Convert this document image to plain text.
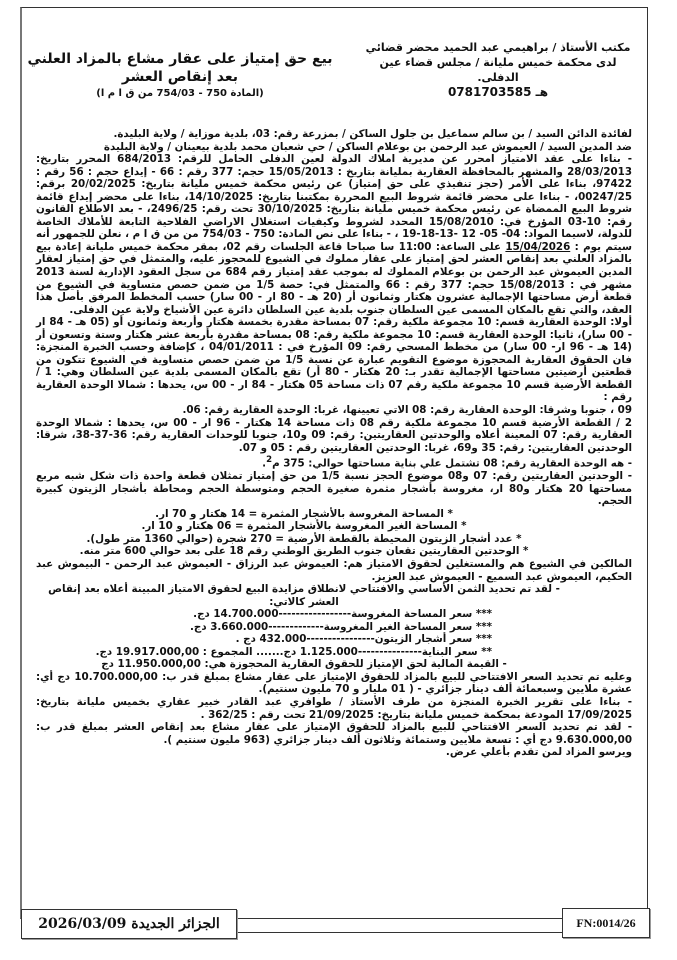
مكتب الأستاذ / براهيمي عبد الحميد محضر قضائي
لدى محكمة خميس مليانة / مجلس قضاء عين
الدفلى.
هـ 0781703585
بيع حق إمتياز على عقار مشاع بالمزاد العلني
بعد إنقاص العشر
(المادة 750 - 754/03 من ق ا م ا)

لفائدة الدائن السيد / بن سالم سماعيل بن جلول الساكن / بمزرعة رقم: 03، بلدية موزاية / ولاية البليدة.

ضد المدين السيد / العيموش عبد الرحمن بن بوعلام الساكن / حي شعبان محمد بلدية بيعينان / ولاية البليدة

- بناءا على عقد الامتياز امحرر عن مديرية املاك الدولة لعين الدفلى الحامل للرقم: 684/2013 المحرر بتاريخ: 28/03/2013 والمشهر بالمحافظة العقارية بمليانة بتاريخ : 15/05/2013 حجم: 377 رقم : 66 - إيداع حجم : 56 رقم : 97422، بناءا على الأمر (حجز تنفيذي على حق إمتياز) عن رئيس محكمة خميس مليانة بتاريخ: 20/02/2025 برقم: 00247/25، - بناءا على محضر قائمة شروط البيع المحررة بمكتبنا بتاريخ: 14/10/2025، بناءا على محضر إيداع قائمة شروط البيع الممضاة عن رئيس محكمة خميس مليانة بتاريخ: 30/10/2025 تحت رقم: 2496/25، - بعد الاطلاع القانون رقم: 10-03 المؤرخ في: 15/08/2010 المحدد لشروط وكيفيات استغلال الاراضي الفلاحية التابعة للأملاك الخاصة للدولة، لاسيما المواد: 04- 05- 12 -13-18-19 ، - بناءا على نص المادة: 750 - 754/03 من من ق ا م ، نعلن للجمهور أنه سيتم يوم : 15/04/2026 على الساعة: 11:00 سا صباحا قاعة الجلسات رقم 02، بمقر محكمة خميس مليانة إعادة بيع بالمزاد العلني بعد إنقاص العشر لحق إمتياز على عقار مملوك في الشيوع للمحجوز عليه، والمتمثل في حق إمتياز لعقار المدين العيموش عبد الرحمن بن بوعلام المملوك له بموجب عقد إمتياز رقم 684 من سجل العقود الإدارية لسنة 2013 مشهر في : 15/08/2013 حجم: 377 رقم : 66 والمتمثل في: حصة 1/5 من ضمن حصص متساوية في الشيوع من قطعة أرض مساحتها الإجمالية عشرون هكتار وثمانون أر (20 هـ - 80 ار - 00 سار) حسب المخطط المرفق بأصل هذا العقد، والتي تقع بالمكان المسمى عين السلطان جنوب بلدية عين السلطان دائرة عين الأشياخ ولاية عين الدفلى.

أولا: الوحدة العقارية قسم: 10 مجموعة ملكية رقم: 07 بمساحة مقدرة بخمسة هكتار وأربعة وثمانون أو (05 هـ - 84 ار - 00 سار)، ثانيا: الوحدة العقارية قسم: 10 مجموعة ملكية رقم: 08 بمساحة مقدرة بأربعة عشر هكتار وستة وتسعون أر (14 هـ - 96 ار- 00 سار) من مخطط المسحي رقم: 09 المؤرخ في : 04/01/2011 ، كإضافة وحسب الخبرة المنجزة: فان الحقوق العقارية المحجوزة موضوع التقويم عبارة عن نسبة 1/5 من ضمن حصص متساوية في الشيوع تتكون من قطعتين أرضيتين مساحتها الإجمالية تقدر بـ: 20 هكتار - 80 أر) تقع بالمكان المسمى بلدية عين السلطان وهي: 1 / القطعة الأرضية قسم 10 مجموعة ملكية رقم 07 ذات مساحة 05 هكتار - 84 ار - 00 س، يحدها : شمالا الوحدة العقارية رقم :

09 ، جنوبا وشرقا: الوحدة العقارية رقم: 08 الاتي تعيينها، غربا: الوحدة العقارية رقم: 06.

2 / القطعة الأرضية قسم 10 مجموعة ملكية رقم 08 ذات مساحة 14 هكتار - 96 ار - 00 س، يحدها : شمالا الوحدة العقارية رقم: 07 المعينة أعلاه والوحدتين العقاريتين: رقم: 09 و10، جنوبا للوحدات العقارية رقم: 36-37-38، شرقا: الوحدتين العقاريتين: رقم: 35 و69، غربا: الوحدتين العقاريتين رقم : 05 و 07.

- هه الوحدة العقارية رقم: 08 تشتمل علي بناية مساحتها حوالي: 375 م$^2$.

- الوحدتين العقاريتين رقم: 07 و08 موضوع الحجز نسبة 1/5 من حق إمتياز تمثلان قطعة واحدة ذات شكل شبه مربع مساحتها 20 هكتار و80 ار، مغروسة بأشجار مثمرة صغيرة الحجم ومتوسطة الحجم ومحاطة بأشجار الزيتون كبيرة الحجم.

* المساحة المغروسة بالأشجار المثمرة = 14 هكتار و 70 ار.

* المساحة الغير المغروسة بالأشجار المثمرة = 06 هكتار و 10 ار.

* عدد أشجار الزيتون المحيطة بالقطعة الأرضية = 270 شجرة (حوالي 1360 متر طول).

* الوحدتين العقاريتين تقعان جنوب الطريق الوطني رقم 18 على بعد حوالي 600 متر منه.

المالكين في الشيوع هم والمستغلين لحقوق الامتياز هم: العيموش عبد الرزاق - العيموش عبد الرحمن - البيموش عبد الحكيم، العيموش عبد السميع - العيموش عبد العزيز.

- لقد تم تحديد الثمن الأساسي والافتتاحي لانطلاق مزايدة البيع لحقوق الامتياز المبينة أعلاه بعد إنقاص العشر كالاتي:

*** سعر المساحة المغروسة-----------------14.700.000 دج.

*** سعر المساحة الغير المغروسة-------------3.660.000 دج.

*** سعر أشجار الزيتون----------------432.000 دج .

** سعر البناية---------------1.125.000 دج....... المجموع : 19.917.000,00 دج.

- القيمة المالية لحق الإمتياز للحقوق العقارية المحجوزة هي: 11.950.000,00 دج

وعليه تم تحديد السعر الافتتاحي للبيع بالمزاد للحقوق الإمتياز على عقار مشاع بمبلغ قدر ب: 10.700.000,00 دج أي: عشرة ملايين وسبعمائة ألف دينار جزائري - ( 01 مليار و 70 مليون سنتيم).

- بناءا على تقرير الخبرة المنجزة من طرف الأستاذ / طوافري عبد القادر خبير عقاري بخميس مليانة بتاريخ: 17/09/2025 المودعة بمحكمة خميس مليانة بتاريخ: 21/09/2025 تحت رقم : 362/25 .

- لقد تم تحديد السعر الافتتاحي للبيع بالمزاد للحقوق الإمتياز على عقار مشاع بعد إنقاص العشر بمبلغ قدر ب: 9.630.000,00 دج أي : تسعة ملايين وستمائة وثلاثون ألف دينار جزائري (963 مليون سنتيم ).

ويرسو المزاد لمن تقدم بأعلي عرض.

الجزائر الجديدة 2026/03/09	FN:0014/26
